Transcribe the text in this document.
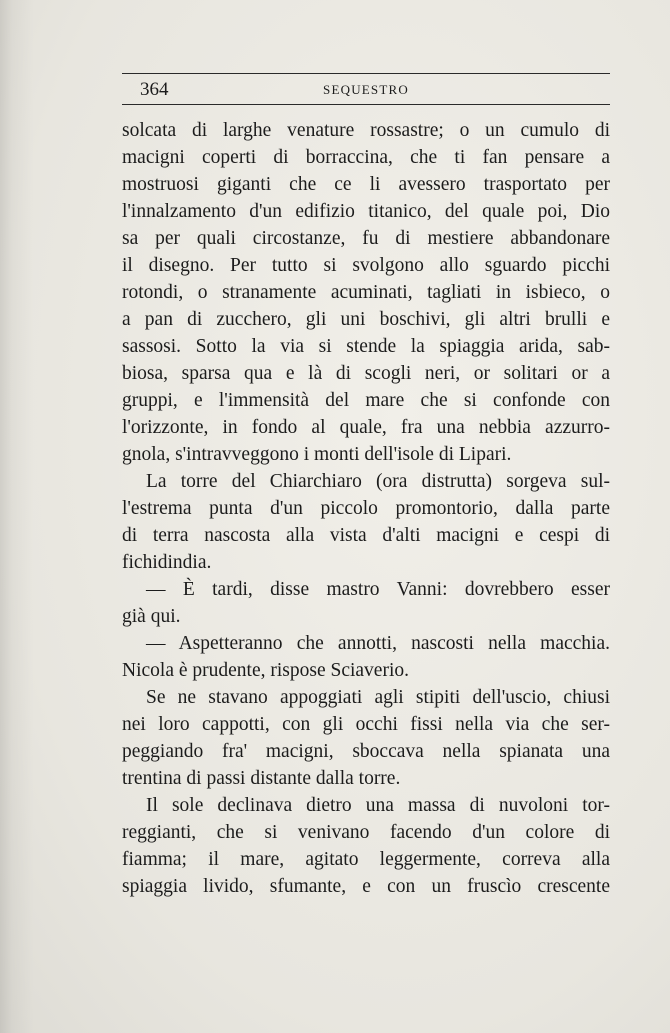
364	SEQUESTRO
solcata di larghe venature rossastre; o un cumulo di
macigni coperti di borraccina, che ti fan pensare a
mostruosi giganti che ce li avessero trasportato per
l'innalzamento d'un edifizio titanico, del quale poi, Dio
sa per quali circostanze, fu di mestiere abbandonare
il disegno. Per tutto si svolgono allo sguardo picchi
rotondi, o stranamente acuminati, tagliati in isbieco, o
a pan di zucchero, gli uni boschivi, gli altri brulli e
sassosi. Sotto la via si stende la spiaggia arida, sab-
biosa, sparsa qua e là di scogli neri, or solitari or a
gruppi, e l'immensità del mare che si confonde con
l'orizzonte, in fondo al quale, fra una nebbia azzurro-
gnola, s'intravveggono i monti dell'isole di Lipari.
La torre del Chiarchiaro (ora distrutta) sorgeva sul-
l'estrema punta d'un piccolo promontorio, dalla parte
di terra nascosta alla vista d'alti macigni e cespi di
fichidindia.
— È tardi, disse mastro Vanni: dovrebbero esser
già qui.
— Aspetteranno che annotti, nascosti nella macchia.
Nicola è prudente, rispose Sciaverio.
Se ne stavano appoggiati agli stipiti dell'uscio, chiusi
nei loro cappotti, con gli occhi fissi nella via che ser-
peggiando fra' macigni, sboccava nella spianata una
trentina di passi distante dalla torre.
Il sole declinava dietro una massa di nuvoloni tor-
reggianti, che si venivano facendo d'un colore di
fiamma; il mare, agitato leggermente, correva alla
spiaggia livido, sfumante, e con un fruscìo crescente
